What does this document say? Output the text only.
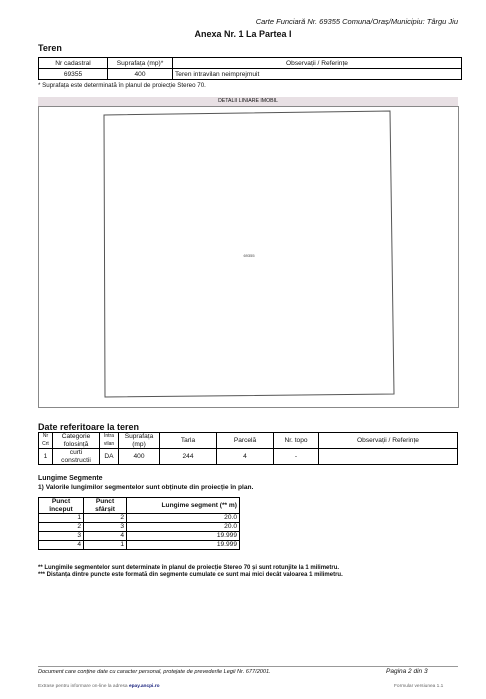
Carte Funciară Nr. 69355 Comuna/Oraș/Municipiu: Târgu Jiu
Anexa Nr. 1 La Partea I
Teren
Nr cadastral	Suprafața (mp)*	Observații / Referințe
69355	400	Teren intravilan neimprejmuit
* Suprafața este determinată în planul de proiecție Stereo 70.
DETALII LINIARE IMOBIL
69355
Date referitoare la teren
Nr Crt	Categorie folosință	Intra vilan	Suprafața (mp)	Tarla	Parcelă	Nr. topo	Observații / Referințe
1	curti constructii	DA	400	244	4	-	
Lungime Segmente
1) Valorile lungimilor segmentelor sunt obținute din proiecție în plan.
Punct început	Punct sfârșit	Lungime segment (** m)
1	2	20.0
2	3	20.0
3	4	19.999
4	1	19.999
** Lungimile segmentelor sunt determinate în planul de proiecție Stereo 70 și sunt rotunjite la 1 milimetru.
*** Distanța dintre puncte este formată din segmente cumulate ce sunt mai mici decât valoarea 1 milimetru.
Document care conține date cu caracter personal, protejate de prevederile Legii Nr. 677/2001.	Pagina 2 din 3
Extrase pentru informare on-line la adresa epay.ancpi.ro	Formular versiunea 1.1
